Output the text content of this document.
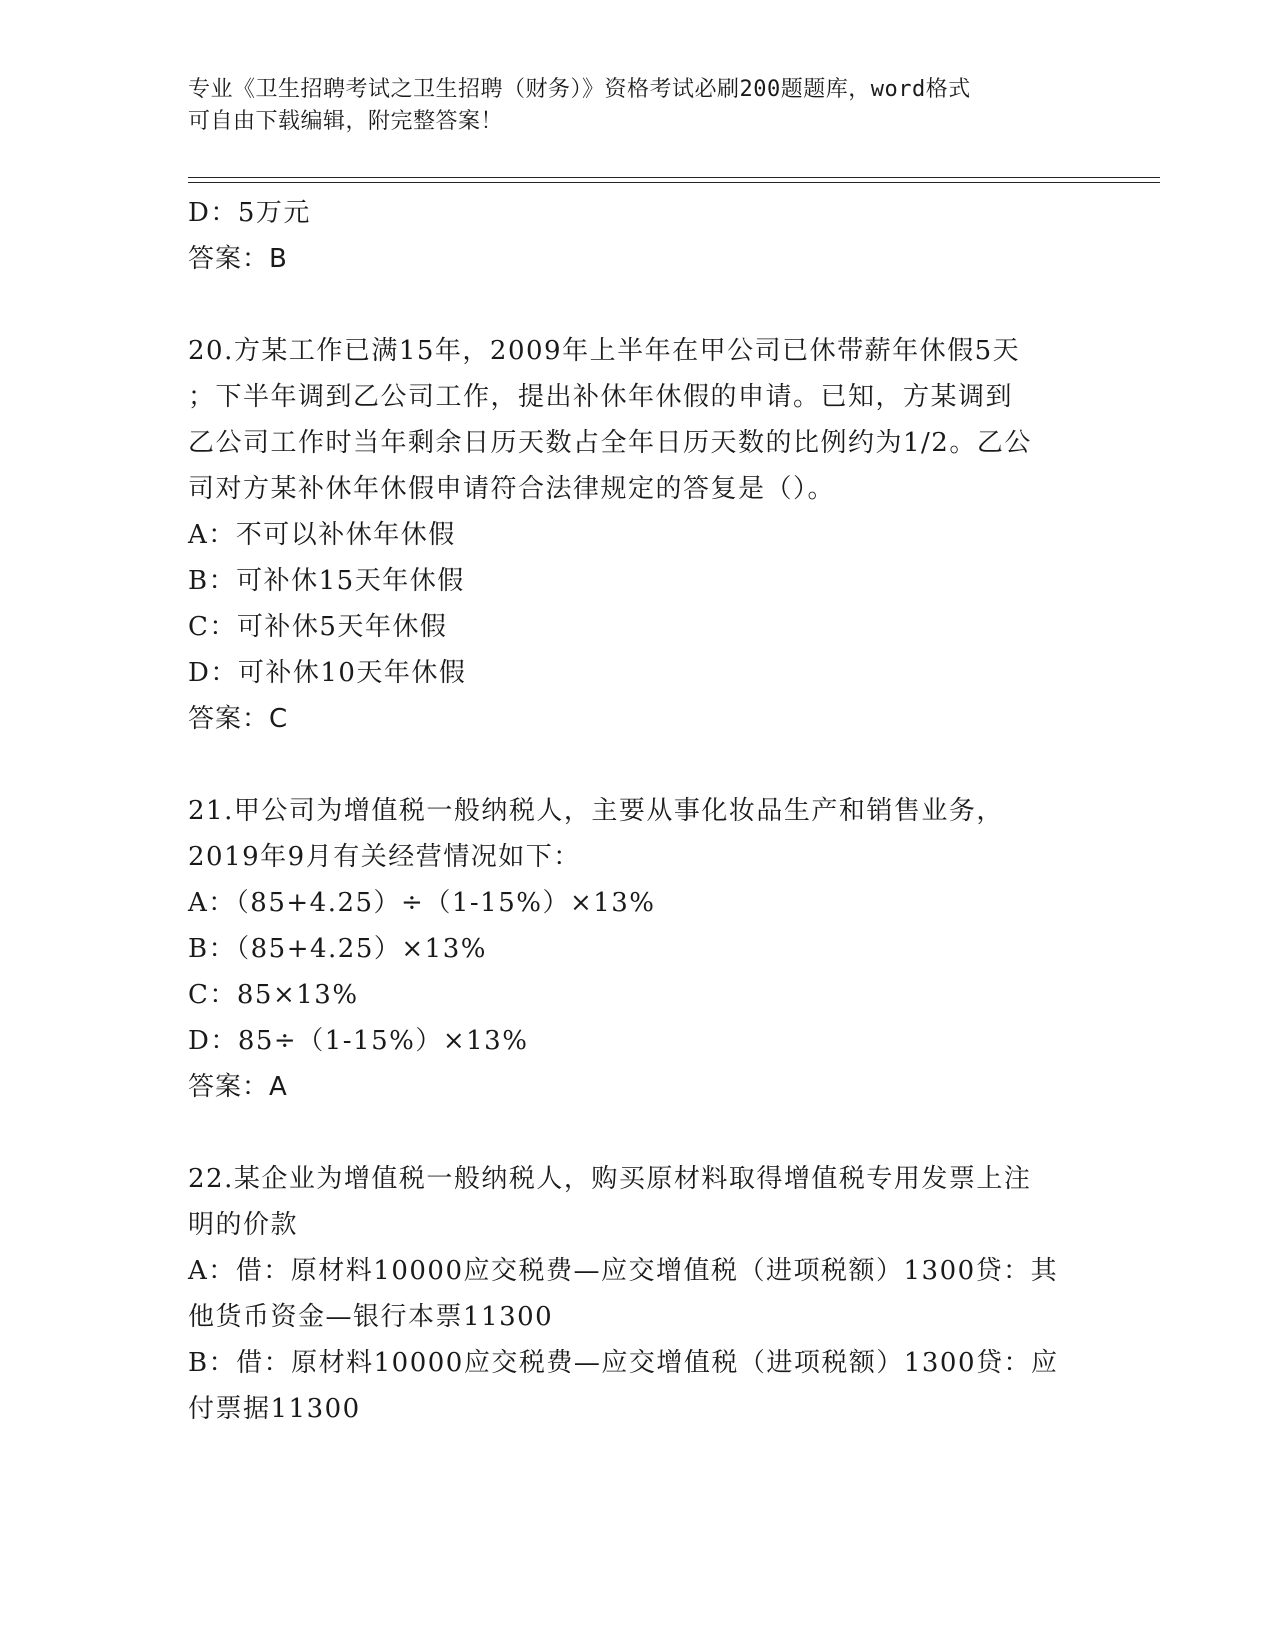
专业《卫生招聘考试之卫生招聘（财务）》资格考试必刷200题题库，word格式
可自由下载编辑，附完整答案！
D：5万元
答案：B
20.方某工作已满15年，2009年上半年在甲公司已休带薪年休假5天
；下半年调到乙公司工作，提出补休年休假的申请。已知，方某调到
乙公司工作时当年剩余日历天数占全年日历天数的比例约为1/2。乙公
司对方某补休年休假申请符合法律规定的答复是（）。
A：不可以补休年休假
B：可补休15天年休假
C：可补休5天年休假
D：可补休10天年休假
答案：C
21.甲公司为增值税一般纳税人，主要从事化妆品生产和销售业务，
2019年9月有关经营情况如下：
A：（85+4.25）÷（1-15%）×13%
B：（85+4.25）×13%
C：85×13%
D：85÷（1-15%）×13%
答案：A
22.某企业为增值税一般纳税人，购买原材料取得增值税专用发票上注
明的价款
A：借：原材料10000应交税费—应交增值税（进项税额）1300贷：其
他货币资金—银行本票11300
B：借：原材料10000应交税费—应交增值税（进项税额）1300贷：应
付票据11300
